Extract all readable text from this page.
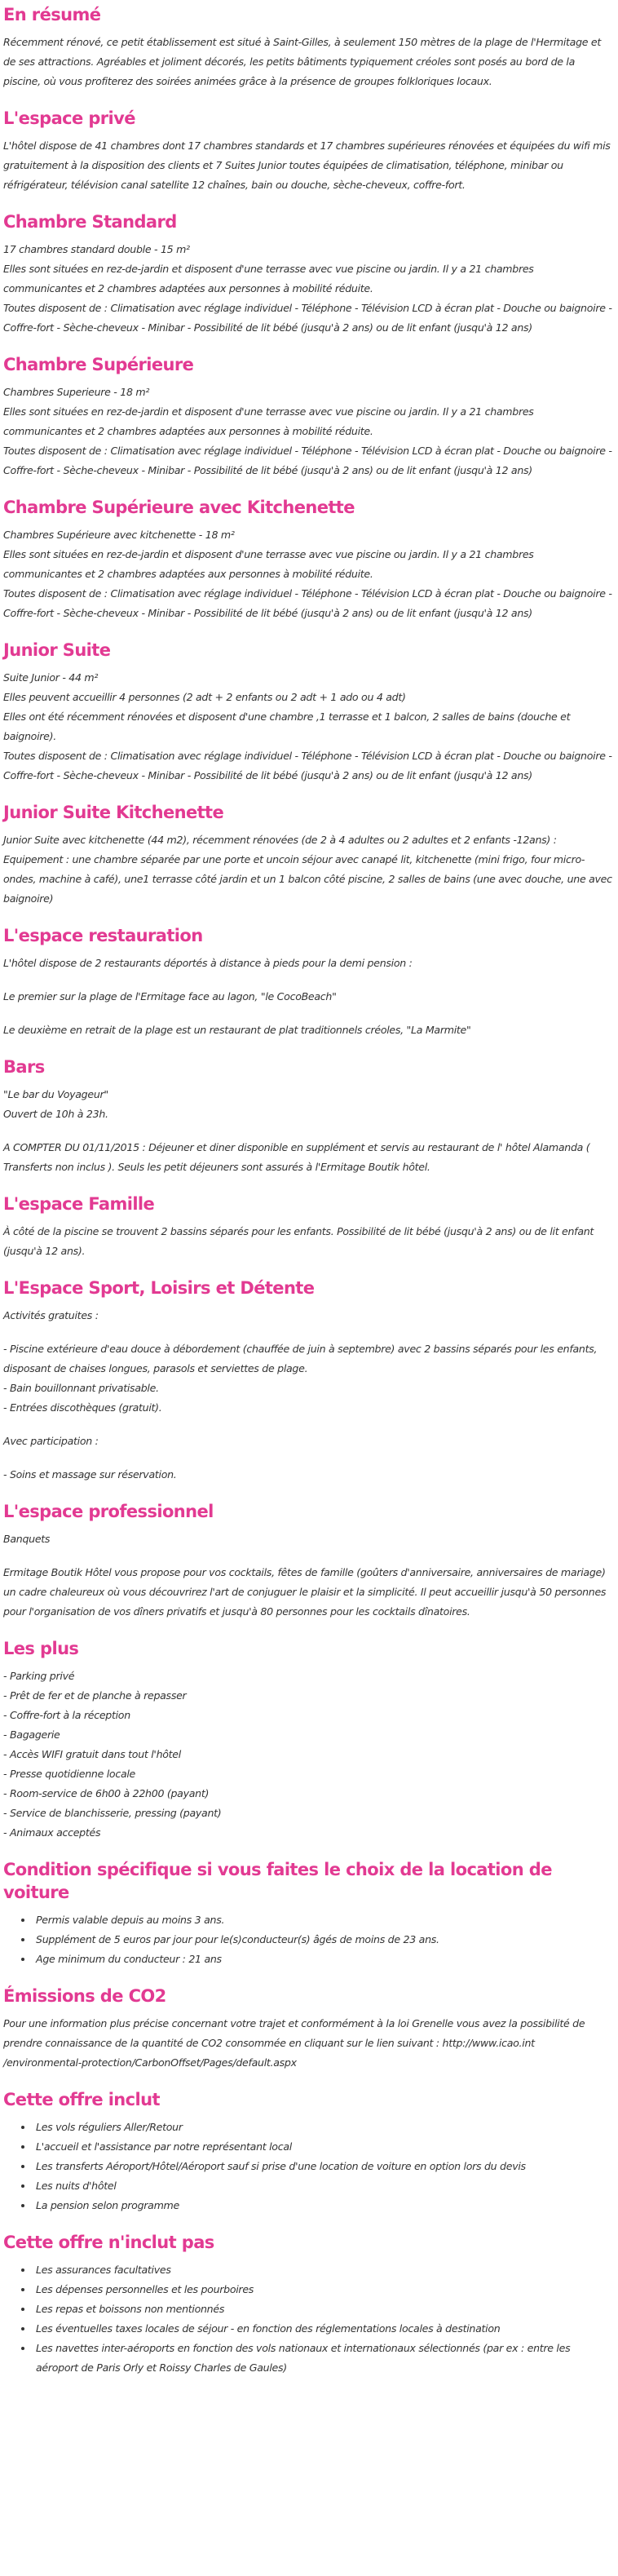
En résumé

Récemment rénové, ce petit établissement est situé à Saint-Gilles, à seulement 150 mètres de la plage de l'Hermitage et de ses attractions. Agréables et joliment décorés, les petits bâtiments typiquement créoles sont posés au bord de la piscine, où vous profiterez des soirées animées grâce à la présence de groupes folkloriques locaux.

L'espace privé

L'hôtel dispose de 41 chambres dont 17 chambres standards et 17 chambres supérieures rénovées et équipées du wifi mis gratuitement à la disposition des clients et 7 Suites Junior toutes équipées de climatisation, téléphone, minibar ou réfrigérateur, télévision canal satellite 12 chaînes, bain ou douche, sèche-cheveux, coffre-fort.

Chambre Standard

17 chambres standard double - 15 m²

Elles sont situées en rez-de-jardin et disposent d'une terrasse avec vue piscine ou jardin. Il y a 21 chambres communicantes et 2 chambres adaptées aux personnes à mobilité réduite.

Toutes disposent de : Climatisation avec réglage individuel - Téléphone - Télévision LCD à écran plat - Douche ou baignoire - Coffre-fort - Sèche-cheveux - Minibar - Possibilité de lit bébé (jusqu'à 2 ans) ou de lit enfant (jusqu'à 12 ans)

Chambre Supérieure

Chambres Superieure - 18 m²

Elles sont situées en rez-de-jardin et disposent d'une terrasse avec vue piscine ou jardin. Il y a 21 chambres communicantes et 2 chambres adaptées aux personnes à mobilité réduite.

Toutes disposent de : Climatisation avec réglage individuel - Téléphone - Télévision LCD à écran plat - Douche ou baignoire - Coffre-fort - Sèche-cheveux - Minibar - Possibilité de lit bébé (jusqu'à 2 ans) ou de lit enfant (jusqu'à 12 ans)

Chambre Supérieure avec Kitchenette

Chambres Supérieure avec kitchenette - 18 m²

Elles sont situées en rez-de-jardin et disposent d'une terrasse avec vue piscine ou jardin. Il y a 21 chambres communicantes et 2 chambres adaptées aux personnes à mobilité réduite.

Toutes disposent de : Climatisation avec réglage individuel - Téléphone - Télévision LCD à écran plat - Douche ou baignoire - Coffre-fort - Sèche-cheveux - Minibar - Possibilité de lit bébé (jusqu'à 2 ans) ou de lit enfant (jusqu'à 12 ans)

Junior Suite

Suite Junior - 44 m²

Elles peuvent accueillir 4 personnes (2 adt + 2 enfants ou 2 adt + 1 ado ou 4 adt)

Elles ont été récemment rénovées et disposent d'une chambre ,1 terrasse et 1 balcon, 2 salles de bains (douche et baignoire).

Toutes disposent de : Climatisation avec réglage individuel - Téléphone - Télévision LCD à écran plat - Douche ou baignoire - Coffre-fort - Sèche-cheveux - Minibar - Possibilité de lit bébé (jusqu'à 2 ans) ou de lit enfant (jusqu'à 12 ans)

Junior Suite Kitchenette

Junior Suite avec kitchenette (44 m2), récemment rénovées (de 2 à 4 adultes ou 2 adultes et 2 enfants -12ans) : Equipement : une chambre séparée par une porte et uncoin séjour avec canapé lit, kitchenette (mini frigo, four micro-ondes, machine à café), une1 terrasse côté jardin et un 1 balcon côté piscine, 2 salles de bains (une avec douche, une avec baignoire)

L'espace restauration

L'hôtel dispose de 2 restaurants déportés à distance à pieds pour la demi pension :

Le premier sur la plage de l'Ermitage face au lagon, "le CocoBeach"

Le deuxième en retrait de la plage est un restaurant de plat traditionnels créoles, "La Marmite"

Bars

"Le bar du Voyageur"

Ouvert de 10h à 23h.

A COMPTER DU 01/11/2015 : Déjeuner et diner disponible en supplément et servis au restaurant de l' hôtel Alamanda ( Transferts non inclus ). Seuls les petit déjeuners sont assurés à l'Ermitage Boutik hôtel.

L'espace Famille

À côté de la piscine se trouvent 2 bassins séparés pour les enfants. Possibilité de lit bébé (jusqu'à 2 ans) ou de lit enfant (jusqu'à 12 ans).

L'Espace Sport, Loisirs et Détente

Activités gratuites :

- Piscine extérieure d'eau douce à débordement (chauffée de juin à septembre) avec 2 bassins séparés pour les enfants, disposant de chaises longues, parasols et serviettes de plage.

- Bain bouillonnant privatisable.

- Entrées discothèques (gratuit).

Avec participation :

- Soins et massage sur réservation.

L'espace professionnel

Banquets

Ermitage Boutik Hôtel vous propose pour vos cocktails, fêtes de famille (goûters d'anniversaire, anniversaires de mariage) un cadre chaleureux où vous découvrirez l'art de conjuguer le plaisir et la simplicité. Il peut accueillir jusqu'à 50 personnes pour l'organisation de vos dîners privatifs et jusqu'à 80 personnes pour les cocktails dînatoires.

Les plus

- Parking privé

- Prêt de fer et de planche à repasser

- Coffre-fort à la réception

- Bagagerie

- Accès WIFI gratuit dans tout l'hôtel

- Presse quotidienne locale

- Room-service de 6h00 à 22h00 (payant)

- Service de blanchisserie, pressing (payant)

- Animaux acceptés

Condition spécifique si vous faites le choix de la location de voiture
• Permis valable depuis au moins 3 ans.
• Supplément de 5 euros par jour pour le(s)conducteur(s) âgés de moins de 23 ans.
• Age minimum du conducteur : 21 ans
Émissions de CO2

Pour une information plus précise concernant votre trajet et conformément à la loi Grenelle vous avez la possibilité de prendre connaissance de la quantité de CO2 consommée en cliquant sur le lien suivant : http://www.icao.int /environmental-protection/CarbonOffset/Pages/default.aspx

Cette offre inclut
• Les vols réguliers Aller/Retour
• L'accueil et l'assistance par notre représentant local
• Les transferts Aéroport/Hôtel/Aéroport sauf si prise d'une location de voiture en option lors du devis
• Les nuits d'hôtel
• La pension selon programme
Cette offre n'inclut pas
• Les assurances facultatives
• Les dépenses personnelles et les pourboires
• Les repas et boissons non mentionnés
• Les éventuelles taxes locales de séjour - en fonction des réglementations locales à destination
• Les navettes inter-aéroports en fonction des vols nationaux et internationaux sélectionnés (par ex : entre les aéroport de Paris Orly et Roissy Charles de Gaules)
